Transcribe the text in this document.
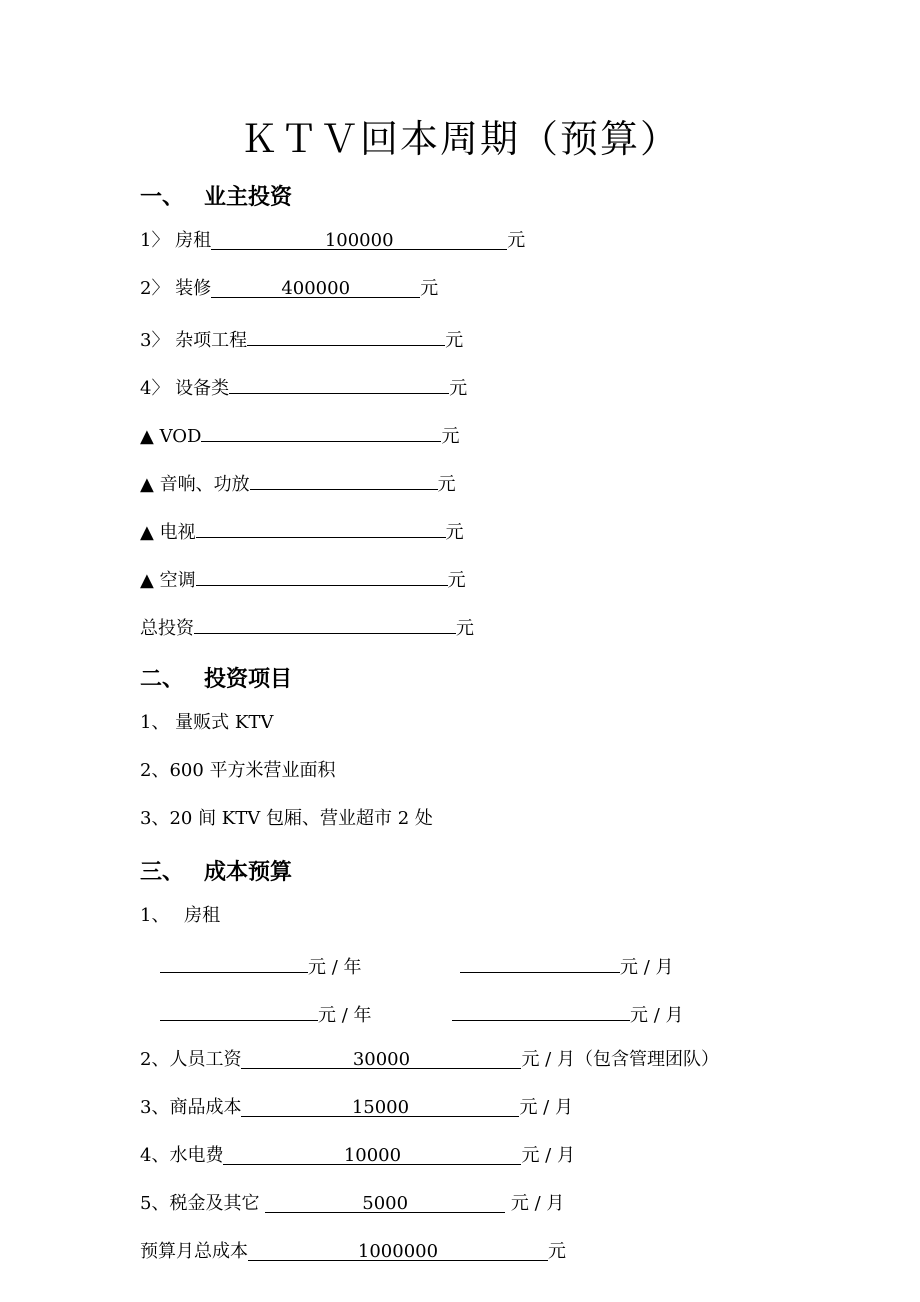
ＫＴＶ回本周期（预算）
一、 业主投资
1〉 房租	100000	元
2〉 装修	400000	元
3〉 杂项工程	元
4〉 设备类	元
▲ VOD	元
▲ 音响、功放	元
▲ 电视	元
▲ 空调	元
总投资	元
二、 投资项目
1、 量贩式 KTV
2、600 平方米营业面积
3、20 间 KTV 包厢、营业超市 2 处
三、 成本预算
1、　 房租
元 / 年	元 / 月
元 / 年	元 / 月
2、人员工资	30000	元 / 月（包含管理团队）
3、商品成本	15000	元 / 月
4、水电费	10000	元 / 月
5、税金及其它	5000	元 / 月
预算月总成本	1000000	元
